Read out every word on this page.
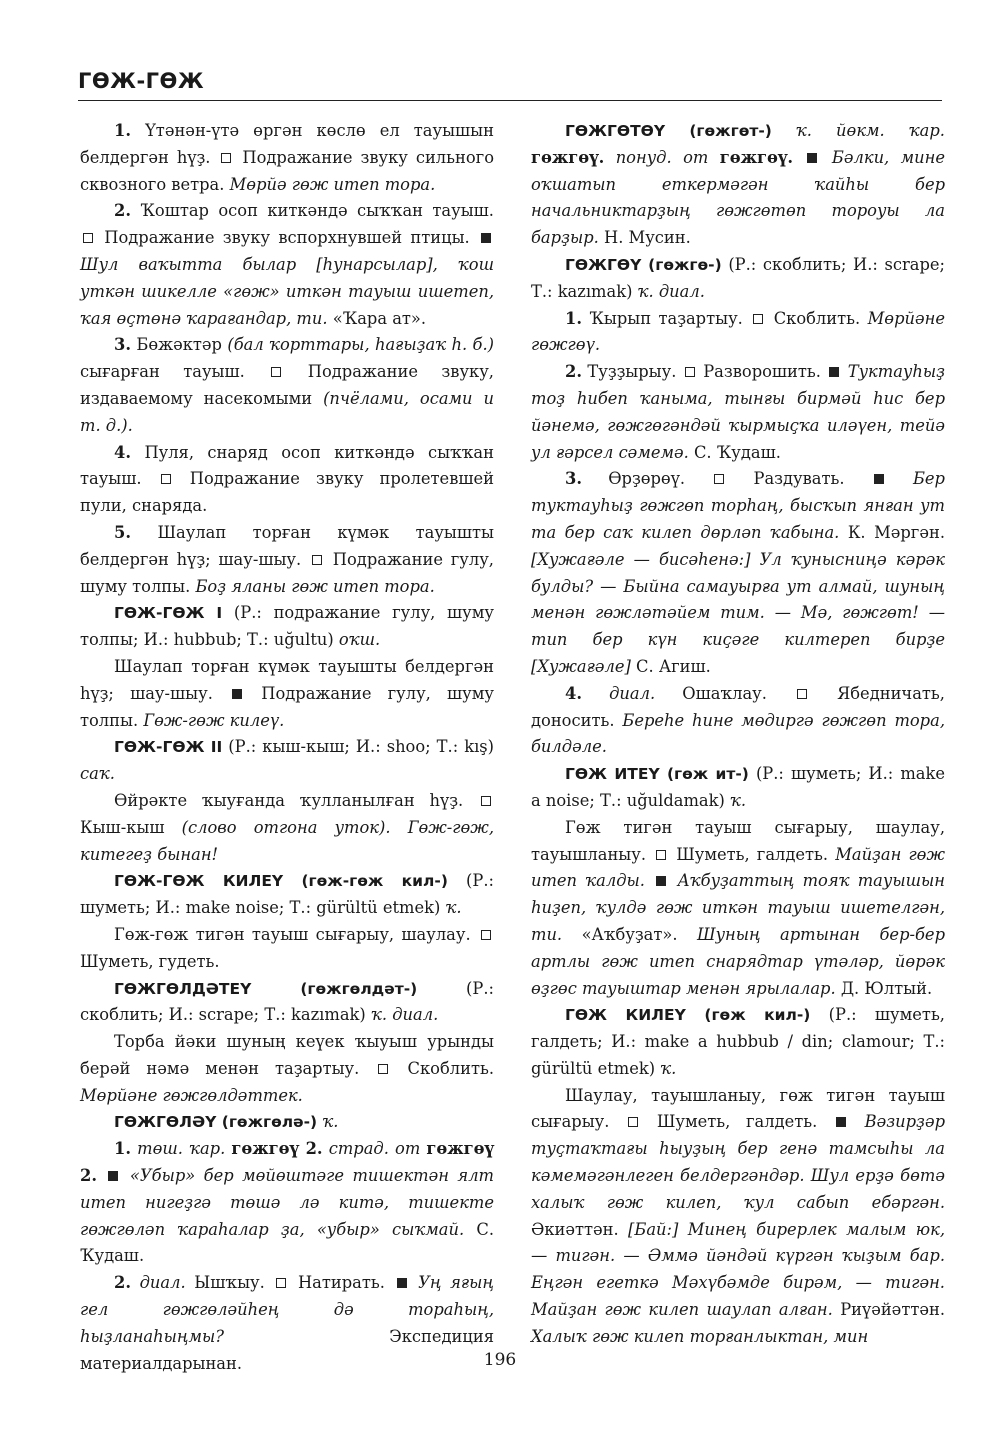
ГӨЖ-ГӨЖ

1. Үтәнән-үтә өргән көслө ел тауышын белдергән һүҙ. Подражание звуку сильного сквозного ветра. Мөрйә гөж итеп тора.

2. Ҡоштар осоп киткәндә сыҡҡан тауыш.  Подражание звуку вспорхнувшей птицы.  Шул ваҡытта былар [һунарсылар], ҡош уткән шикелле «гөж» иткән тауыш ишетеп, ҡая өҫтөнә ҡарағандар, ти. «Ҡара ат».

3. Бөжәктәр (бал ҡорттары, һағыҙаҡ һ. б.) сығарған тауыш.	Подражание звуку, издаваемому насекомыми (пчёлами, осами и т. д.).

4. Пуля, снаряд осоп киткәндә сыҡҡан тауыш.	Подражание звуку пролетевшей пули, снаряда.

5. Шаулап торған күмәк тауышты белдергән һүҙ; шау-шыу. Подражание гулу, шуму толпы. Боҙ яланы гөж итеп тора.

ГӨЖ-ГӨЖ I (Р.: подражание гулу, шуму толпы; И.: hubbub; Т.: uğultu) оҡш.

Шаулап торған күмәк тауышты белдергән һүҙ; шау-шыу.	Подражание гулу, шуму толпы. Гөж-гөж килеү.

ГӨЖ-ГӨЖ II (Р.: кыш-кыш; И.: shoo; Т.: kış) саҡ.

Өйрәкте ҡыуғанда ҡулланылған һүҙ.  Кыш-кыш (слово отгона уток). Гөж-гөж, китегеҙ бынан!

ГӨЖ-ГӨЖ КИЛЕҮ (гөж-гөж кил-) (Р.: шуметь; И.: make noise; Т.: gürültü etmek) ҡ.

Гөж-гөж тигән тауыш сығарыу, шаулау.  Шуметь, гудеть.

ГӨЖГӨЛДӘТЕҮ (гөжгөлдәт-)	(Р.: скоблить; И.: scrape; Т.: kazımak) ҡ. диал.

Торба йәки шуның кеүек ҡыуыш урынды берәй нәмә менән таҙартыу.	Скоблить. Мөрйәне гөжгөлдәттек.

ГӨЖГӨЛӘҮ (гөжгөлә-) ҡ.

1. төш. ҡар. гөжгөү 2. страд. от гөжгөү 2. «Убыр» бер мөйөштәге тишектән ялт итеп нигеҙгә төшә лә китә, тишекте гөжгөләп ҡараһалар ҙа, «убыр» сыҡмай. С. Ҡудаш.

2. диал. Ышҡыу. Натирать. Уң яғың гел гөжгөләйһең дә тораһың, һыҙланаһыңмы?	Экспедиция материалдарынан.

ГӨЖГӨТӨҮ (гөжгөт-) ҡ. йөкм. ҡар. гөжгөү. понуд. от гөжгөү. Бәлки, мине оҡшатып еткермәгән ҡайһы бер начальниктарҙың гөжгөтөп тороуы ла барҙыр. Н. Мусин.

ГӨЖГӨҮ (гөжгө-) (Р.: скоблить; И.: scrape; Т.: kazımak) ҡ. диал.

1. Ҡырып таҙартыу. Скоблить. Мөрйәне гөжгөү.

2. Туҙҙырыу. Разворошить. Туктауһыҙ тоҙ һибеп ҡаныма, тынғы бирмәй һис бер йәнемә, гөжгөгәндәй ҡырмыҫҡа иләүен, тейә ул ғәрсел сәмемә. С. Ҡудаш.

3. Өрҙөрөү.	Раздувать.	Бер туктауһыҙ гөжгөп торһаң, бысҡып янған ут та бер саҡ килеп дөрләп ҡабына. К. Мәргән. [Хужағәле — бисәһенә:] Ул ҡунысниңә кәрәк булды? — Быйна самауырға ут алмай, шуның менән гөжләтәйем тим. — Мә, гөжгөт! — тип бер күн киҫәге килтереп бирҙе [Хужағәле] С. Агиш.

4. диал. Ошаҡлау.	Ябедничать, доносить. Береһе һине мөдиргә гөжгөп тора, билдәле.

ГӨЖ ИТЕҮ (гөж ит-) (Р.: шуметь; И.: make a noise; Т.: uğuldamak) ҡ.

Гөж тигән тауыш сығарыу, шаулау, тауышланыу. Шуметь, галдеть. Майҙан гөж итеп ҡалды. Аҡбуҙаттың тояҡ тауышын һиҙеп, ҡулдә гөж иткән тауыш ишетелгән, ти. «Аҡбуҙат». Шуның артынан бер-бер артлы гөж итеп снарядтар үтәләр, йөрәк өҙгөс тауыштар менән ярылалар. Д. Юлтый.

ГӨЖ КИЛЕҮ (гөж кил-) (Р.: шуметь, галдеть; И.: make a hubbub / din; clamour; Т.: gürültü etmek) ҡ.

Шаулау, тауышланыу, гөж тигән тауыш сығарыу.	Шуметь, галдеть.	Вәзирҙәр туҫтаҡтағы һыуҙың бер генә тамсыһы ла кәмемәгәнлеген белдергәндәр. Шул ерҙә бөтә халыҡ гөж килеп, ҡул сабып ебәргән. Әкиәттән. [Бай:] Минең бирерлек малым юк, — тигән. — Әммә йәндәй күргән ҡыҙым бар. Еңгән егеткә Мәхүбәмде бирәм, — тигән. Майҙан гөж килеп шаулап алған. Риүәйәттән. Халыҡ гөж килеп торғанлыктан, мин

196
